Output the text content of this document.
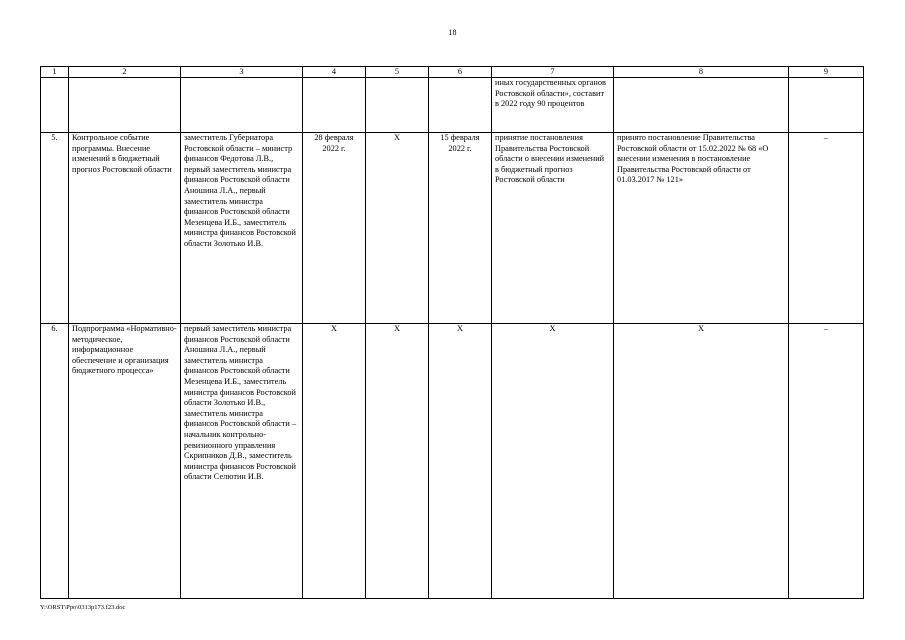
18
1	2	3	4	5	6	7	8	9
						иных государственных органов Ростовской области», составит в 2022 году 90 процентов		
5.	Контрольное событие программы. Внесение изменений в бюджетный прогноз Ростовской области	заместитель Губернатора Ростовской области – министр финансов Федотова Л.В., первый заместитель министра финансов Ростовской области Аношина Л.А., первый заместитель министра финансов Ростовской области Мезенцева И.Б., заместитель министра финансов Ростовской области Золотько И.В.	28 февраля 2022 г.	X	15 февраля 2022 г.	принятие постановления Правительства Ростовской области о внесении изменений в бюджетный прогноз Ростовской области	принято постановление Правительства Ростовской области от 15.02.2022 № 68 «О внесении изменения в постановление Правительства Ростовской области от 01.03.2017 № 121»	–
6.	Подпрограмма «Нормативно-методическое, информационное обеспечение и организация бюджетного процесса»	первый заместитель министра финансов Ростовской области Аношина Л.А., первый заместитель министра финансов Ростовской области Мезенцева И.Б., заместитель министра финансов Ростовской области Золотько И.В., заместитель министра финансов Ростовской области – начальник контрольно-ревизионного управления Скрипников Д.В., заместитель министра финансов Ростовской области Селютин И.В.	X	X	X	X	X	–
Y:\ORST\Ppo\0313p173.f23.doc
